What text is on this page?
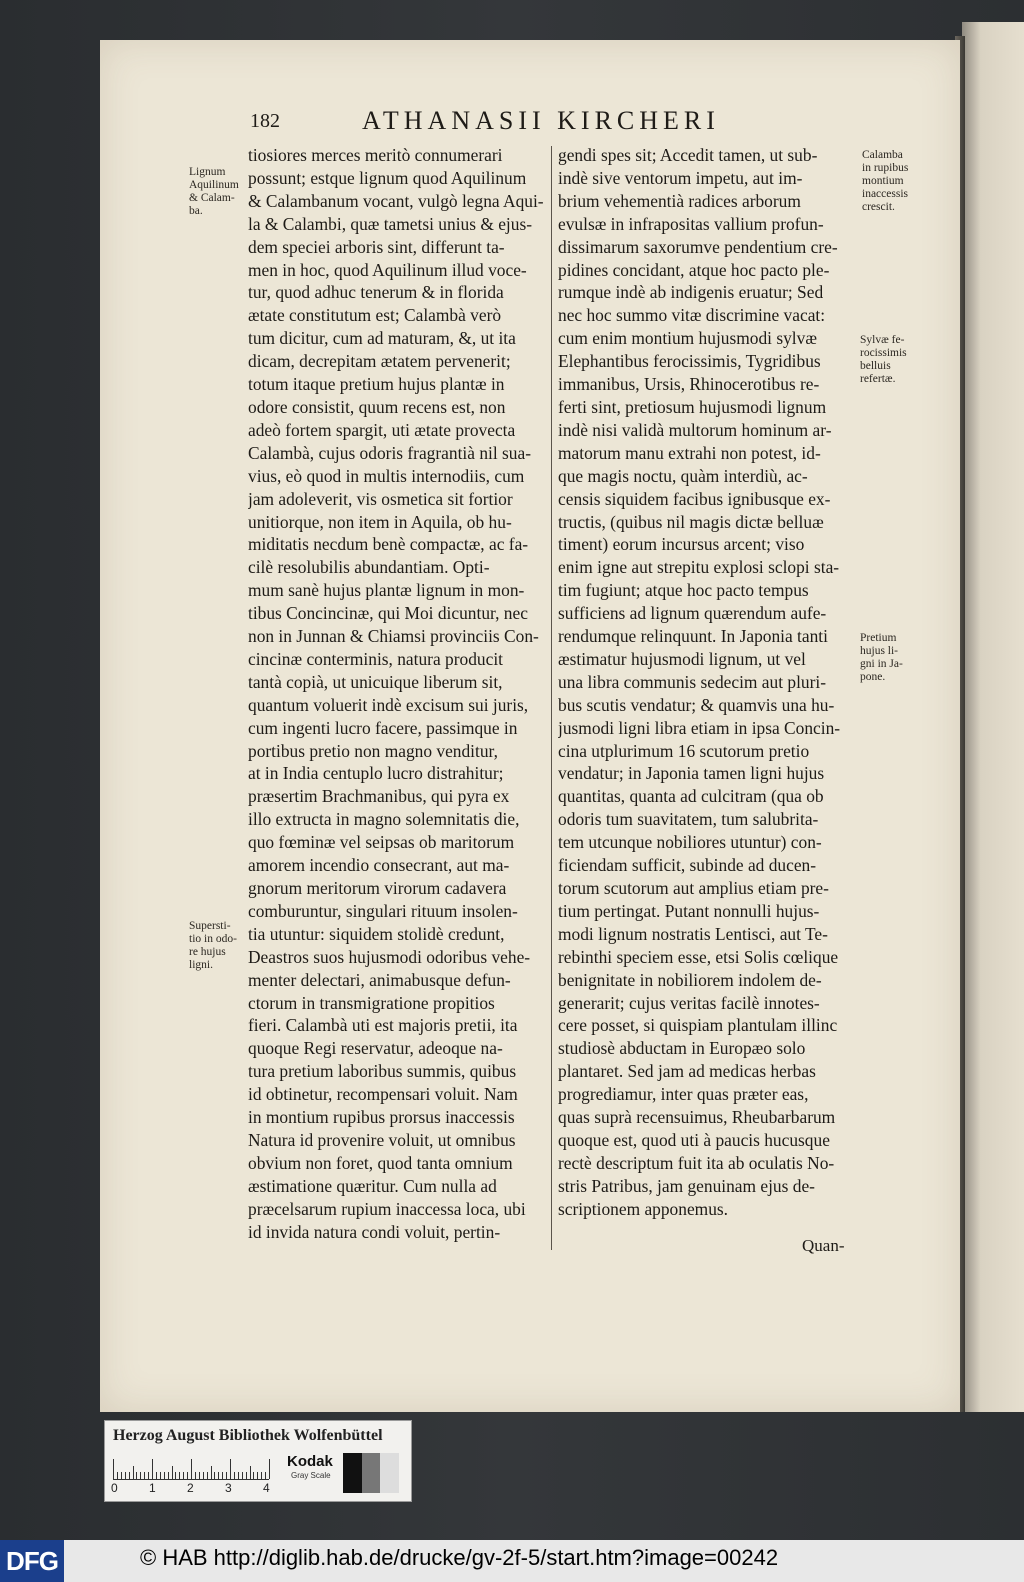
182	ATHANASII KIRCHERI
Lignum
Aquilinum
& Calam-
ba.
Supersti-
tio in odo-
re hujus
ligni.
Calamba
in rupibus
montium
inaccessis
crescit.
Sylvæ fe-
rocissimis
belluis
refertæ.
Pretium
hujus li-
gni in Ja-
pone.
tiosiores merces meritò connumerari
possunt; estque lignum quod Aquilinum
& Calambanum vocant, vulgò legna Aqui-
la & Calambi, quæ tametsi unius & ejus-
dem speciei arboris sint, differunt ta-
men in hoc, quod Aquilinum illud voce-
tur, quod adhuc tenerum & in florida
ætate constitutum est; Calambà verò
tum dicitur, cum ad maturam, &, ut ita
dicam, decrepitam ætatem pervenerit;
totum itaque pretium hujus plantæ in
odore consistit, quum recens est, non
adeò fortem spargit, uti ætate provecta
Calambà, cujus odoris fragrantià nil sua-
vius, eò quod in multis internodiis, cum
jam adoleverit, vis osmetica sit fortior
unitiorque, non item in Aquila, ob hu-
miditatis necdum benè compactæ, ac fa-
cilè resolubilis abundantiam. Opti-
mum sanè hujus plantæ lignum in mon-
tibus Concincinæ, qui Moi dicuntur, nec
non in Junnan & Chiamsi provinciis Con-
cincinæ conterminis, natura producit
tantà copià, ut unicuique liberum sit,
quantum voluerit indè excisum sui juris,
cum ingenti lucro facere, passimque in
portibus pretio non magno venditur,
at in India centuplo lucro distrahitur;
præsertim Brachmanibus, qui pyra ex
illo extructa in magno solemnitatis die,
quo fœminæ vel seipsas ob maritorum
amorem incendio consecrant, aut ma-
gnorum meritorum virorum cadavera
comburuntur, singulari rituum insolen-
tia utuntur: siquidem stolidè credunt,
Deastros suos hujusmodi odoribus vehe-
menter delectari, animabusque defun-
ctorum in transmigratione propitios
fieri. Calambà uti est majoris pretii, ita
quoque Regi reservatur, adeoque na-
tura pretium laboribus summis, quibus
id obtinetur, recompensari voluit. Nam
in montium rupibus prorsus inaccessis
Natura id provenire voluit, ut omnibus
obvium non foret, quod tanta omnium
æstimatione quæritur. Cum nulla ad
præcelsarum rupium inaccessa loca, ubi
id invida natura condi voluit, pertin-
gendi spes sit; Accedit tamen, ut sub-
indè sive ventorum impetu, aut im-
brium vehementià radices arborum
evulsæ in infrapositas vallium profun-
dissimarum saxorumve pendentium cre-
pidines concidant, atque hoc pacto ple-
rumque indè ab indigenis eruatur; Sed
nec hoc summo vitæ discrimine vacat:
cum enim montium hujusmodi sylvæ
Elephantibus ferocissimis, Tygridibus
immanibus, Ursis, Rhinocerotibus re-
ferti sint, pretiosum hujusmodi lignum
indè nisi validà multorum hominum ar-
matorum manu extrahi non potest, id-
que magis noctu, quàm interdiù, ac-
censis siquidem facibus ignibusque ex-
tructis, (quibus nil magis dictæ belluæ
timent) eorum incursus arcent; viso
enim igne aut strepitu explosi sclopi sta-
tim fugiunt; atque hoc pacto tempus
sufficiens ad lignum quærendum aufe-
rendumque relinquunt. In Japonia tanti
æstimatur hujusmodi lignum, ut vel
una libra communis sedecim aut pluri-
bus scutis vendatur; & quamvis una hu-
jusmodi ligni libra etiam in ipsa Concin-
cina utplurimum 16 scutorum pretio
vendatur; in Japonia tamen ligni hujus
quantitas, quanta ad culcitram (qua ob
odoris tum suavitatem, tum salubrita-
tem utcunque nobiliores utuntur) con-
ficiendam sufficit, subinde ad ducen-
torum scutorum aut amplius etiam pre-
tium pertingat. Putant nonnulli hujus-
modi lignum nostratis Lentisci, aut Te-
rebinthi speciem esse, etsi Solis cœlique
benignitate in nobiliorem indolem de-
generarit; cujus veritas facilè innotes-
cere posset, si quispiam plantulam illinc
studiosè abductam in Europæo solo
plantaret. Sed jam ad medicas herbas
progrediamur, inter quas præter eas,
quas suprà recensuimus, Rheubarbarum
quoque est, quod uti à paucis hucusque
rectè descriptum fuit ita ab oculatis No-
stris Patribus, jam genuinam ejus de-
scriptionem apponemus.
Quan-
Herzog August Bibliothek Wolfenbüttel
0	1	2	3	4
Kodak
Gray Scale
DFG	© HAB http://diglib.hab.de/drucke/gv-2f-5/start.htm?image=00242
